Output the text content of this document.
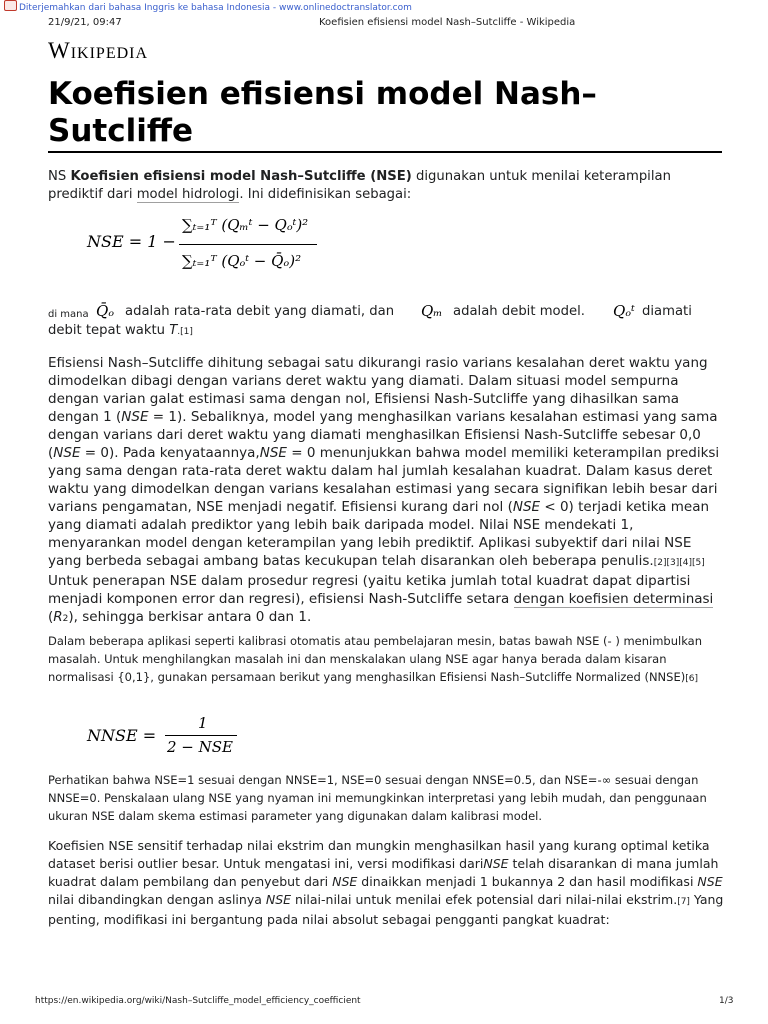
Diterjemahkan dari bahasa Inggris ke bahasa Indonesia - www.onlinedoctranslator.com
21/9/21, 09:47	Koefisien efisiensi model Nash–Sutcliffe - Wikipedia
Wikipedia
Koefisien efisiensi model Nash–Sutcliffe
NS Koefisien efisiensi model Nash–Sutcliffe (NSE) digunakan untuk menilai keterampilan prediktif dari model hidrologi. Ini didefinisikan sebagai:
NSE = 1 −
∑ₜ₌₁ᵀ (Qₘᵗ − Qₒᵗ)²
∑ₜ₌₁ᵀ (Qₒᵗ − Q̄ₒ)²
di mana Q̄ₒ adalah rata-rata debit yang diamati, dan Qₘ adalah debit model. Qₒᵗ diamati
debit tepat waktu T.[1]
Efisiensi Nash–Sutcliffe dihitung sebagai satu dikurangi rasio varians kesalahan deret waktu yang dimodelkan dibagi dengan varians deret waktu yang diamati. Dalam situasi model sempurna dengan varian galat estimasi sama dengan nol, Efisiensi Nash-Sutcliffe yang dihasilkan sama dengan 1 (NSE = 1). Sebaliknya, model yang menghasilkan varians kesalahan estimasi yang sama dengan varians dari deret waktu yang diamati menghasilkan Efisiensi Nash-Sutcliffe sebesar 0,0 (NSE = 0). Pada kenyataannya,NSE = 0 menunjukkan bahwa model memiliki keterampilan prediksi yang sama dengan rata-rata deret waktu dalam hal jumlah kesalahan kuadrat. Dalam kasus deret waktu yang dimodelkan dengan varians kesalahan estimasi yang secara signifikan lebih besar dari varians pengamatan, NSE menjadi negatif. Efisiensi kurang dari nol (NSE < 0) terjadi ketika mean yang diamati adalah prediktor yang lebih baik daripada model. Nilai NSE mendekati 1, menyarankan model dengan keterampilan yang lebih prediktif. Aplikasi subyektif dari nilai NSE yang berbeda sebagai ambang batas kecukupan telah disarankan oleh beberapa penulis.[2][3][4][5] Untuk penerapan NSE dalam prosedur regresi (yaitu ketika jumlah total kuadrat dapat dipartisi menjadi komponen error dan regresi), efisiensi Nash-Sutcliffe setara dengan koefisien determinasi (R2), sehingga berkisar antara 0 dan 1.
Dalam beberapa aplikasi seperti kalibrasi otomatis atau pembelajaran mesin, batas bawah NSE (- ) menimbulkan masalah. Untuk menghilangkan masalah ini dan menskalakan ulang NSE agar hanya berada dalam kisaran normalisasi {0,1}, gunakan persamaan berikut yang menghasilkan Efisiensi Nash–Sutcliffe Normalized (NNSE)[6]
NNSE =
1
2 − NSE
Perhatikan bahwa NSE=1 sesuai dengan NNSE=1, NSE=0 sesuai dengan NNSE=0.5, dan NSE=-∞ sesuai dengan NNSE=0. Penskalaan ulang NSE yang nyaman ini memungkinkan interpretasi yang lebih mudah, dan penggunaan ukuran NSE dalam skema estimasi parameter yang digunakan dalam kalibrasi model.
Koefisien NSE sensitif terhadap nilai ekstrim dan mungkin menghasilkan hasil yang kurang optimal ketika dataset berisi outlier besar. Untuk mengatasi ini, versi modifikasi dariNSE telah disarankan di mana jumlah kuadrat dalam pembilang dan penyebut dari NSE dinaikkan menjadi 1 bukannya 2 dan hasil modifikasi NSE nilai dibandingkan dengan aslinya NSE nilai-nilai untuk menilai efek potensial dari nilai-nilai ekstrim.[7] Yang penting, modifikasi ini bergantung pada nilai absolut sebagai pengganti pangkat kuadrat:
https://en.wikipedia.org/wiki/Nash–Sutcliffe_model_efficiency_coefficient	1/3
